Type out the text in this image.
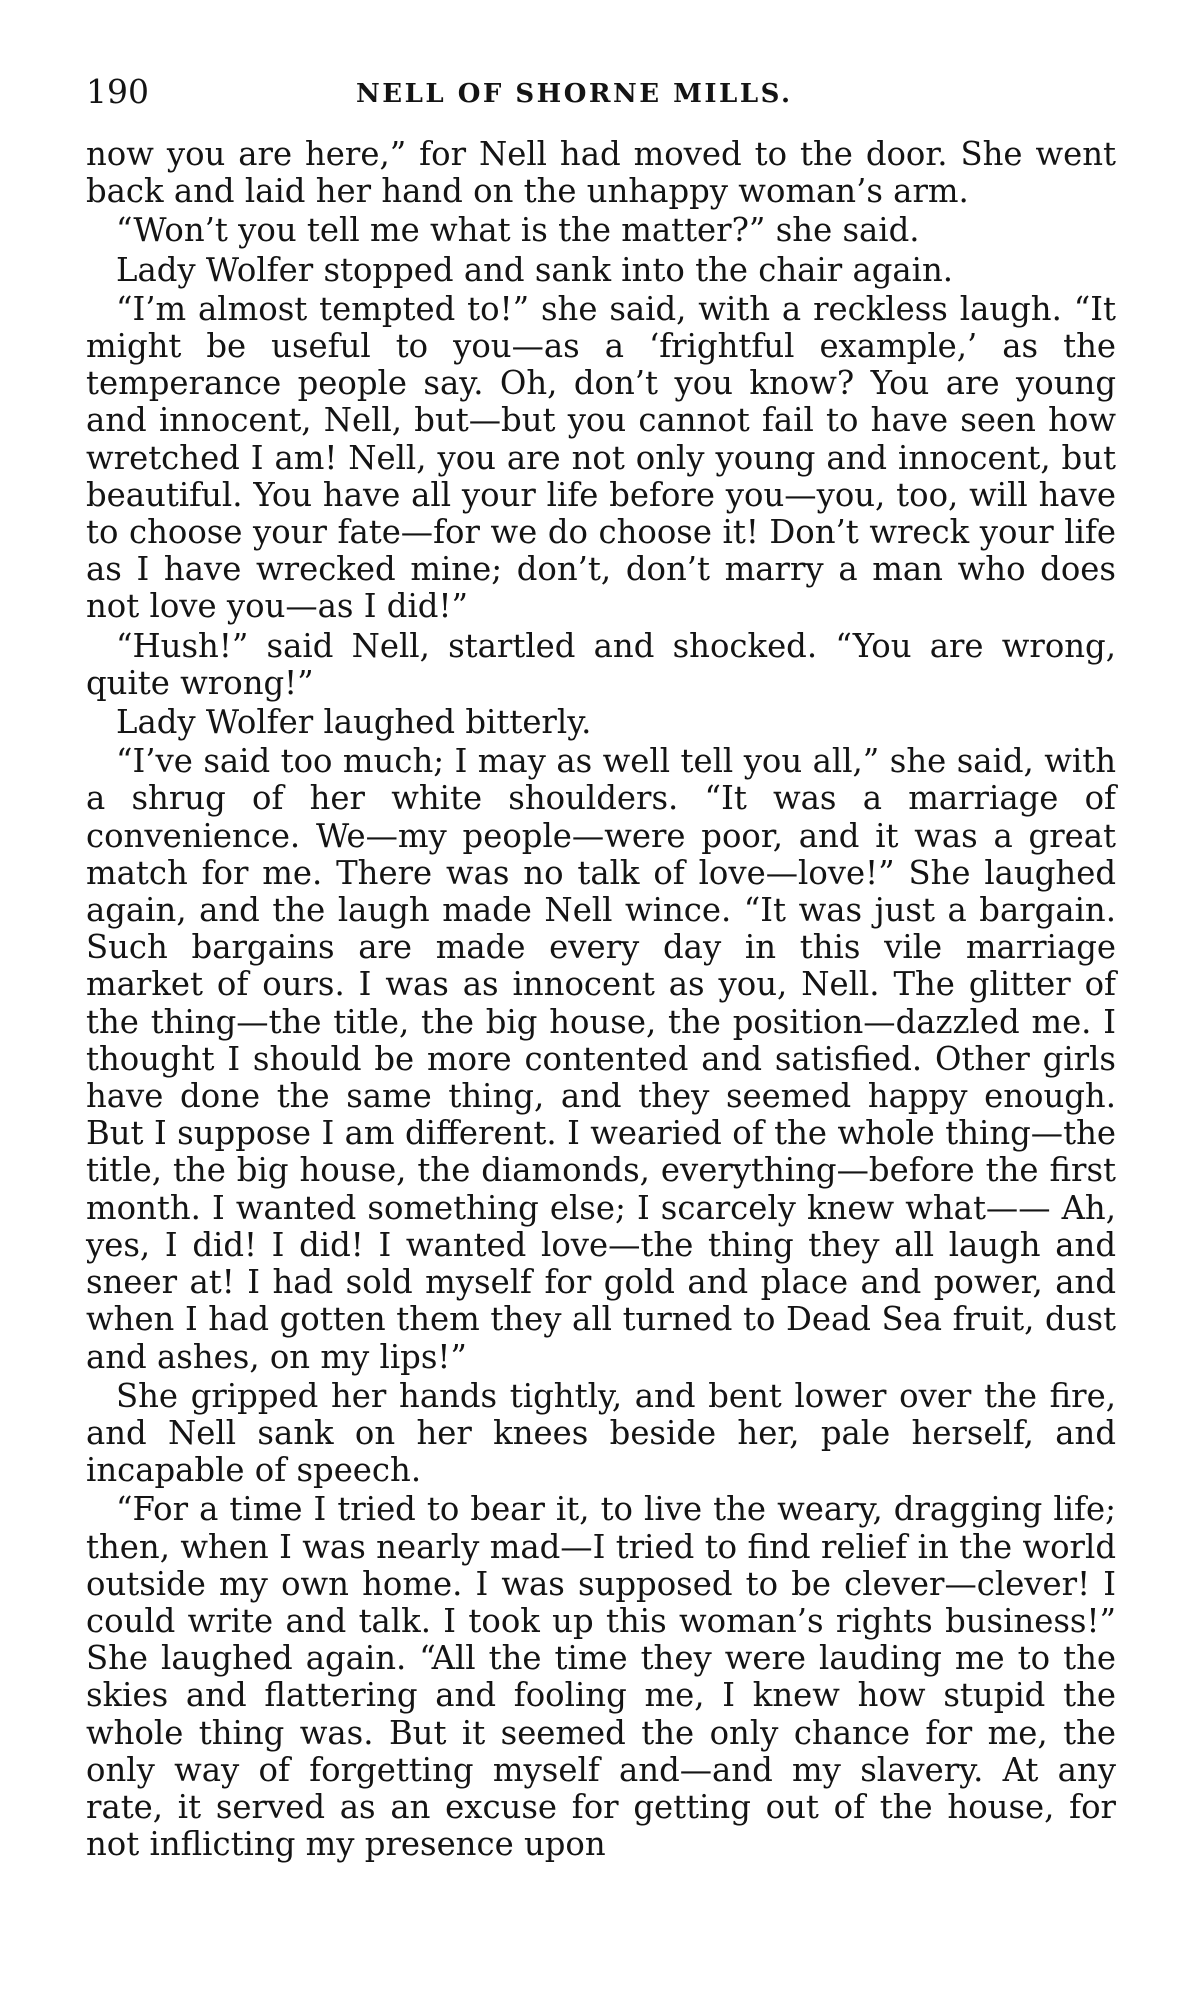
190	NELL OF SHORNE MILLS.

now you are here,” for Nell had moved to the door. She went back and laid her hand on the unhappy woman’s arm.

“Won’t you tell me what is the matter?” she said.

Lady Wolfer stopped and sank into the chair again.

“I’m almost tempted to!” she said, with a reckless laugh. “It might be useful to you—as a ‘frightful example,’ as the temperance people say. Oh, don’t you know? You are young and innocent, Nell, but—but you cannot fail to have seen how wretched I am! Nell, you are not only young and innocent, but beautiful. You have all your life before you—you, too, will have to choose your fate—for we do choose it! Don’t wreck your life as I have wrecked mine; don’t, don’t marry a man who does not love you—as I did!”

“Hush!” said Nell, startled and shocked. “You are wrong, quite wrong!”

Lady Wolfer laughed bitterly.

“I’ve said too much; I may as well tell you all,” she said, with a shrug of her white shoulders. “It was a marriage of convenience. We—my people—were poor, and it was a great match for me. There was no talk of love—love!” She laughed again, and the laugh made Nell wince. “It was just a bargain. Such bargains are made every day in this vile marriage market of ours. I was as innocent as you, Nell. The glitter of the thing—the title, the big house, the position—dazzled me. I thought I should be more contented and satisfied. Other girls have done the same thing, and they seemed happy enough. But I suppose I am different. I wearied of the whole thing—the title, the big house, the diamonds, everything—before the first month. I wanted something else; I scarcely knew what—— Ah, yes, I did! I did! I wanted love—the thing they all laugh and sneer at! I had sold myself for gold and place and power, and when I had gotten them they all turned to Dead Sea fruit, dust and ashes, on my lips!”

She gripped her hands tightly, and bent lower over the fire, and Nell sank on her knees beside her, pale herself, and incapable of speech.

“For a time I tried to bear it, to live the weary, dragging life; then, when I was nearly mad—I tried to find relief in the world outside my own home. I was supposed to be clever—clever! I could write and talk. I took up this woman’s rights business!” She laughed again. “All the time they were lauding me to the skies and flattering and fooling me, I knew how stupid the whole thing was. But it seemed the only chance for me, the only way of forgetting myself and—and my slavery. At any rate, it served as an excuse for getting out of the house, for not inflicting my presence upon
